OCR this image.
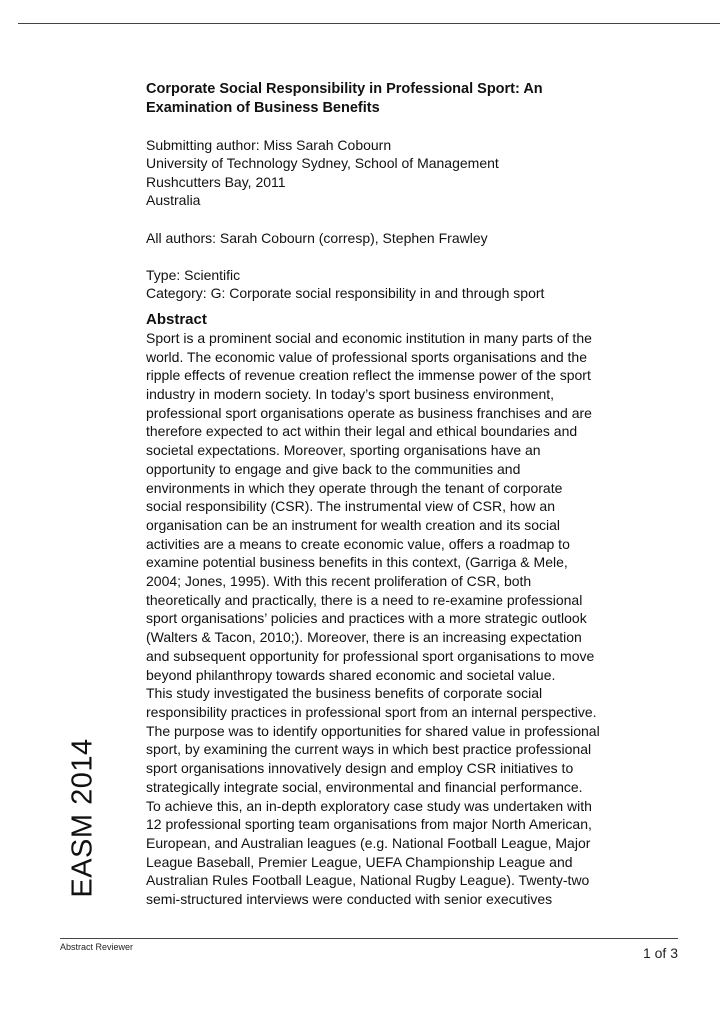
Corporate Social Responsibility in Professional Sport: An
Examination of Business Benefits
Submitting author: Miss Sarah Cobourn
University of Technology Sydney, School of Management
Rushcutters Bay, 2011
Australia
All authors: Sarah Cobourn (corresp), Stephen Frawley
Type: Scientific
Category: G: Corporate social responsibility in and through sport
Abstract
Sport is a prominent social and economic institution in many parts of the
world. The economic value of professional sports organisations and the
ripple effects of revenue creation reflect the immense power of the sport
industry in modern society. In today’s sport business environment,
professional sport organisations operate as business franchises and are
therefore expected to act within their legal and ethical boundaries and
societal expectations. Moreover, sporting organisations have an
opportunity to engage and give back to the communities and
environments in which they operate through the tenant of corporate
social responsibility (CSR). The instrumental view of CSR, how an
organisation can be an instrument for wealth creation and its social
activities are a means to create economic value, offers a roadmap to
examine potential business benefits in this context, (Garriga & Mele,
2004; Jones, 1995). With this recent proliferation of CSR, both
theoretically and practically, there is a need to re-examine professional
sport organisations’ policies and practices with a more strategic outlook
(Walters & Tacon, 2010;). Moreover, there is an increasing expectation
and subsequent opportunity for professional sport organisations to move
beyond philanthropy towards shared economic and societal value.
This study investigated the business benefits of corporate social
responsibility practices in professional sport from an internal perspective.
The purpose was to identify opportunities for shared value in professional
sport, by examining the current ways in which best practice professional
sport organisations innovatively design and employ CSR initiatives to
strategically integrate social, environmental and financial performance.
To achieve this, an in-depth exploratory case study was undertaken with
12 professional sporting team organisations from major North American,
European, and Australian leagues (e.g. National Football League, Major
League Baseball, Premier League, UEFA Championship League and
Australian Rules Football League, National Rugby League). Twenty-two
semi-structured interviews were conducted with senior executives
EASM 2014
Abstract Reviewer	1 of 3
